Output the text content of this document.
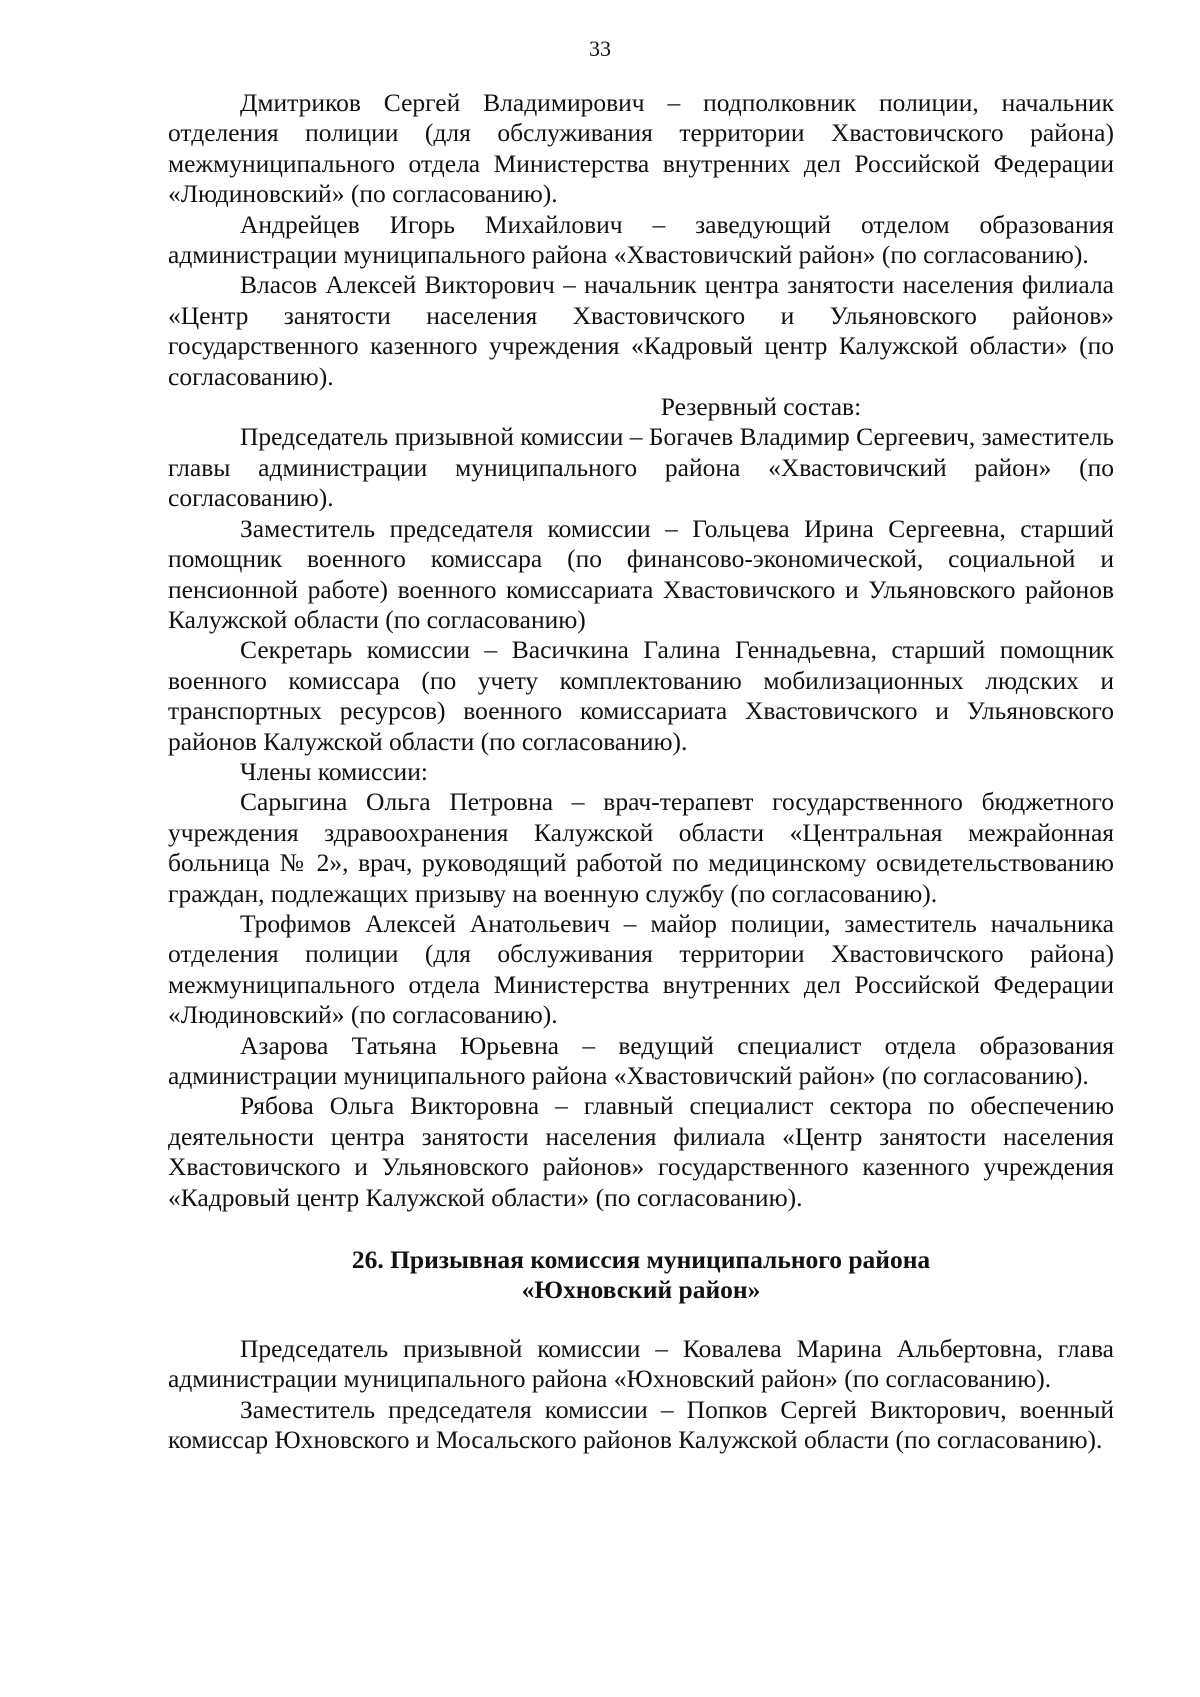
33

Дмитриков Сергей Владимирович – подполковник полиции, начальник отделения полиции (для обслуживания территории Хвастовичского района) межмуниципального отдела Министерства внутренних дел Российской Федерации «Людиновский» (по согласованию).

Андрейцев Игорь Михайлович – заведующий отделом образования администрации муниципального района «Хвастовичский район» (по согласованию).

Власов Алексей Викторович – начальник центра занятости населения филиала «Центр занятости населения Хвастовичского и Ульяновского районов» государственного казенного учреждения «Кадровый центр Калужской области» (по согласованию).

Резервный состав:

Председатель призывной комиссии – Богачев Владимир Сергеевич, заместитель главы администрации муниципального района «Хвастовичский район» (по согласованию).

Заместитель председателя комиссии – Гольцева Ирина Сергеевна, старший помощник военного комиссара (по финансово-экономической, социальной и пенсионной работе) военного комиссариата Хвастовичского и Ульяновского районов Калужской области (по согласованию)

Секретарь комиссии – Васичкина Галина Геннадьевна, старший помощник военного комиссара (по учету комплектованию мобилизационных людских и транспортных ресурсов) военного комиссариата Хвастовичского и Ульяновского районов Калужской области (по согласованию).

Члены комиссии:

Сарыгина Ольга Петровна – врач-терапевт государственного бюджетного учреждения здравоохранения Калужской области «Центральная межрайонная больница № 2», врач, руководящий работой по медицинскому освидетельствованию граждан, подлежащих призыву на военную службу (по согласованию).

Трофимов Алексей Анатольевич – майор полиции, заместитель начальника отделения полиции (для обслуживания территории Хвастовичского района) межмуниципального отдела Министерства внутренних дел Российской Федерации «Людиновский» (по согласованию).

Азарова Татьяна Юрьевна – ведущий специалист отдела образования администрации муниципального района «Хвастовичский район» (по согласованию).

Рябова Ольга Викторовна – главный специалист сектора по обеспечению деятельности центра занятости населения филиала «Центр занятости населения Хвастовичского и Ульяновского районов» государственного казенного учреждения «Кадровый центр Калужской области» (по согласованию).

26. Призывная комиссия муниципального района
«Юхновский район»

Председатель призывной комиссии – Ковалева Марина Альбертовна, глава администрации муниципального района «Юхновский район» (по согласованию).

Заместитель председателя комиссии – Попков Сергей Викторович, военный комиссар Юхновского и Мосальского районов Калужской области (по согласованию).
